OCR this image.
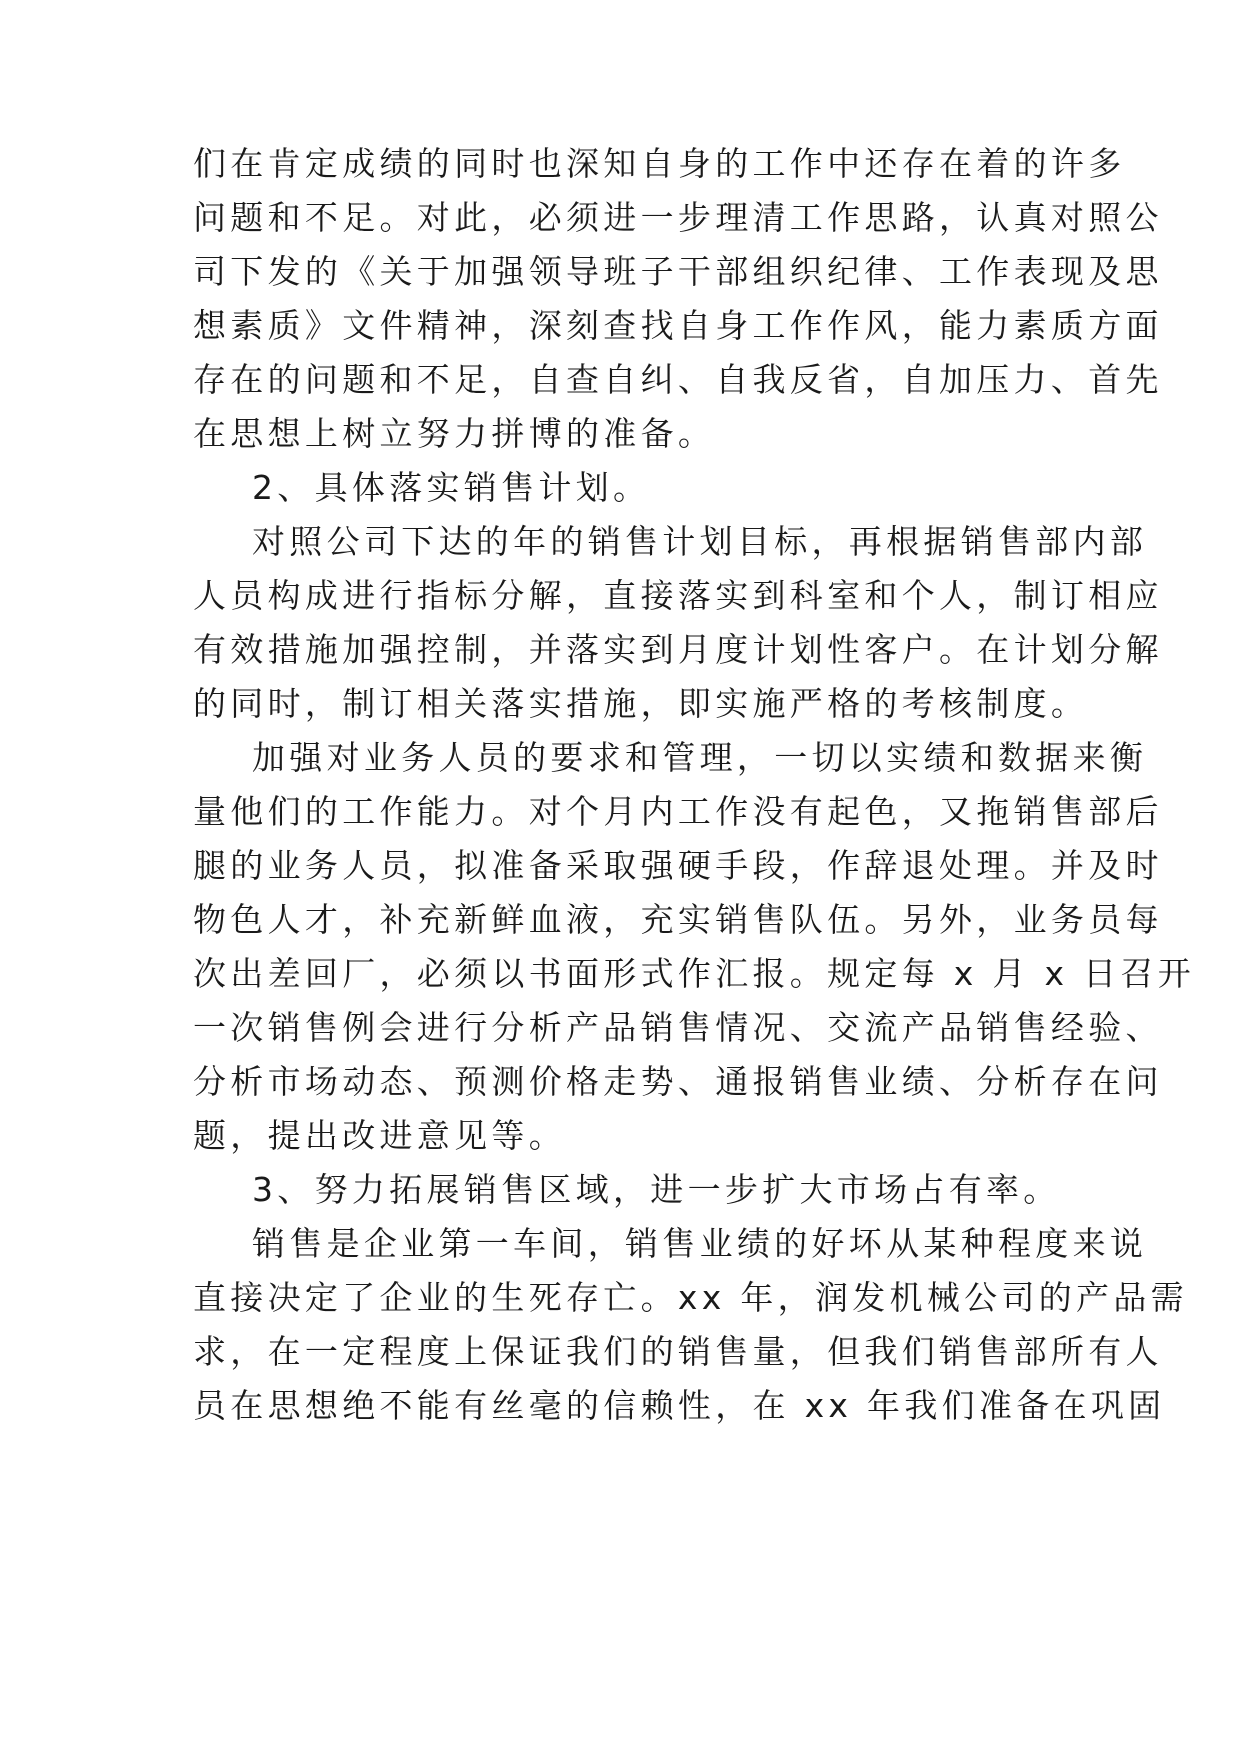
们在肯定成绩的同时也深知自身的工作中还存在着的许多
问题和不足。对此，必须进一步理清工作思路，认真对照公
司下发的《关于加强领导班子干部组织纪律、工作表现及思
想素质》文件精神，深刻查找自身工作作风，能力素质方面
存在的问题和不足，自查自纠、自我反省，自加压力、首先
在思想上树立努力拼博的准备。
2、具体落实销售计划。
对照公司下达的年的销售计划目标，再根据销售部内部
人员构成进行指标分解，直接落实到科室和个人，制订相应
有效措施加强控制，并落实到月度计划性客户。在计划分解
的同时，制订相关落实措施，即实施严格的考核制度。
加强对业务人员的要求和管理，一切以实绩和数据来衡
量他们的工作能力。对个月内工作没有起色，又拖销售部后
腿的业务人员，拟准备采取强硬手段，作辞退处理。并及时
物色人才，补充新鲜血液，充实销售队伍。另外，业务员每
次出差回厂，必须以书面形式作汇报。规定每 x 月 x 日召开
一次销售例会进行分析产品销售情况、交流产品销售经验、
分析市场动态、预测价格走势、通报销售业绩、分析存在问
题，提出改进意见等。
3、努力拓展销售区域，进一步扩大市场占有率。
销售是企业第一车间，销售业绩的好坏从某种程度来说
直接决定了企业的生死存亡。xx 年，润发机械公司的产品需
求，在一定程度上保证我们的销售量，但我们销售部所有人
员在思想绝不能有丝毫的信赖性，在 xx 年我们准备在巩固
